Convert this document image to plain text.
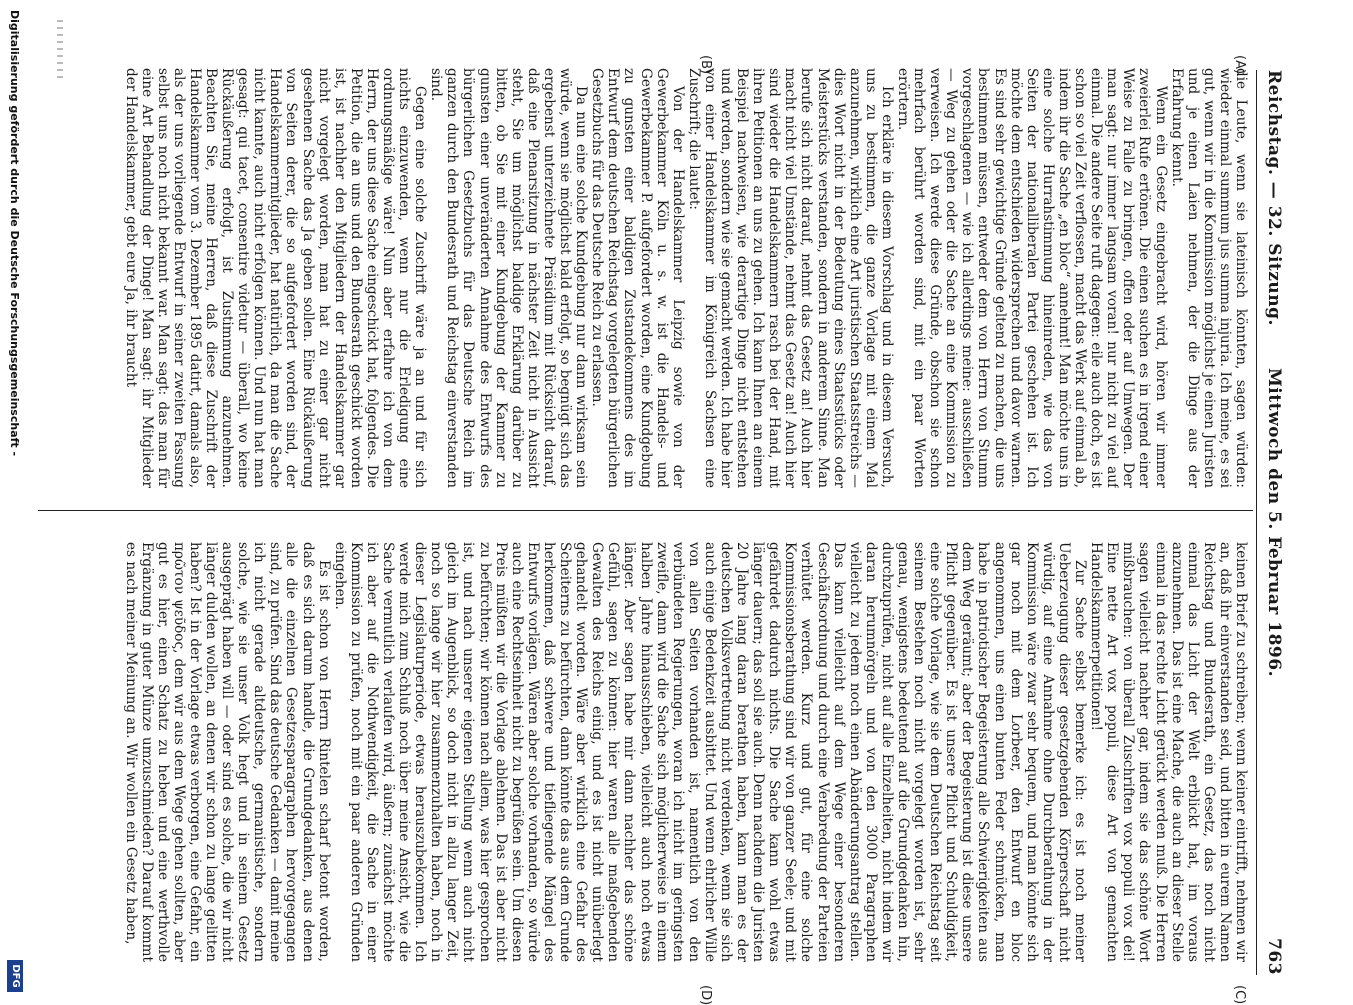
Reichstag. — 32. Sitzung.
Mittwoch den 5. Februar 1896.
763
(A)
(B)
(C)
(D)

die Leute, wenn sie lateinisch könnten, sagen würden: wieder einmal summum jus summa injuria. Ich meine, es sei gut, wenn wir in die Kommission möglichst je einen Juristen und je einen Laien nehmen, der die Dinge aus der Erfahrung kennt.

Wenn ein Gesetz eingebracht wird, hören wir immer zweierlei Rufe ertönen. Die einen suchen es in irgend einer Weise zu Falle zu bringen, offen oder auf Umwegen. Der man sagt: nur immer langsam voran! nur nicht zu viel auf einmal. Die andere Seite ruft dagegen: eile auch doch, es ist schon so viel Zeit verflossen, macht das Werk auf einmal ab, indem ihr die Sache „en bloc“ annehmt! Man möchte uns in eine solche Hurrahstimmung hineinreden, wie das von Seiten der nationalliberalen Partei geschehen ist. Ich möchte dem entschieden widersprechen und davor warnen. Es sind sehr gewichtige Gründe geltend zu machen, die uns bestimmen müssen, entweder dem von Herrn von Stumm vorgeschlagenen — wie ich allerdings meine: ausschließen — Weg zu gehen oder die Sache an eine Kommission zu verweisen. Ich werde diese Gründe, obschon sie schon mehrfach berührt worden sind, mit ein paar Worten erörtern.

Ich erkläre in diesem Vorschlag und in diesem Versuch, uns zu bestimmen, die ganze Vorlage mit einem Mal anzunehmen, wirklich eine Art juristischen Staatsstreichs — dies Wort nicht in der Bedeutung eines Staatsstücks oder Meisterstücks verstanden, sondern in anderem Sinne. Man berufe sich nicht darauf, nehmt das Gesetz an! Auch hier macht nicht viel Umstände, nehmt das Gesetz an! Auch hier sind wieder die Handelskammern rasch bei der Hand, mit ihren Petitionen an uns zu gehen. Ich kann Ihnen an einem Beispiel nachweisen, wie derartige Dinge nicht entstehen und werden, sondern wie sie gemacht werden. Ich habe hier von einer Handelskammer im Königreich Sachsen eine Zuschrift; die lautet:

Von der Handelskammer Leipzig sowie von der Gewerbekammer Köln u. s. w. ist die Handels- und Gewerbekammer P. aufgefordert worden, eine Kundgebung zu gunsten einer baldigen Zustandekommens des im Entwurf dem deutschen Reichstag vorgelegten bürgerlichen Gesetzbuchs für das Deutsche Reich zu erlassen.

Da nun eine solche Kundgebung nur dann wirksam sein würde, wenn sie möglichst bald erfolgt, so begnügt sich das ergebenst unterzeichnete Präsidium mit Rücksicht darauf, daß eine Plenarsitzung in nächster Zeit nicht in Aussicht steht, Sie um möglichst baldige Erklärung darüber zu bitten, ob Sie mit einer Kundgebung der Kammer zu gunsten einer unveränderten Annahme des Entwurfs des bürgerlichen Gesetzbuchs für das Deutsche Reich im ganzen durch den Bundesrath und Reichstag einverstanden sind.

Gegen eine solche Zuschrift wäre ja an und für sich nichts einzuwenden, wenn nur die Erledigung eine ordnungsmäßige wäre! Nun aber erfahre ich von dem Herrn, der uns diese Sache eingeschickt hat, folgendes. Die Petition, die an uns und den Bundesrath geschickt worden ist, ist nachher den Mitgliedern der Handelskammer gar nicht vorgelegt worden, man hat zu einer gar nicht gesehenen Sache das Ja geben sollen. Eine Rückäußerung von Seiten derer, die so aufgefordert worden sind, der Handelskammermitglieder, hat natürlich, da man die Sache nicht kannte, auch nicht erfolgen können. Und nun hat man gesagt: qui tacet, consentire videtur — überall, wo keine Rückäußerung erfolgt, ist Zustimmung anzunehmen. Beachten Sie, meine Herren, daß diese Zuschrift der Handelskammer vom 3. Dezember 1895 datirt, damals also, als der uns vorliegende Entwurf in seiner zweiten Fassung selbst uns noch nicht bekannt war. Man sagt: das man für eine Art Behandlung der Dinge! Man sagt: ihr Mitglieder der Handelskammer, gebt eure Ja, ihr braucht

keinen Brief zu schreiben; wenn keiner eintrifft, nehmen wir an, daß ihr einverstanden seid, und bitten in eurem Namen Reichstag und Bundesrath, ein Gesetz, das noch nicht einmal das Licht der Welt erblickt hat, im voraus anzunehmen. Das ist eine Mache, die auch an dieser Stelle einmal in das rechte Licht gerückt werden muß. Die Herren sagen vielleicht nachher gar, indem sie das schöne Wort mißbrauchen: von überall Zuschriften vox populi vox dei! Eine nette Art vox populi, diese Art von gemachten Handelskammerpetitionen!

Zur Sache selbst bemerke ich: es ist noch meiner Ueberzeugung dieser gesetzgebenden Körperschaft nicht würdig, auf eine Annahme ohne Durchberathung in der Kommission wäre zwar sehr bequem, und man könnte sich gar noch mit dem Lorbeer, den Entwurf en bloc angenommen, uns einen bunten Feder schmücken, man habe in patriotischer Begeisterung alle Schwierigkeiten aus dem Weg geräumt; aber der Begeisterung ist diese unsere Pflicht gegenüber. Es ist unsere Pflicht und Schuldigkeit, eine solche Vorlage, wie sie dem Deutschen Reichstag seit seinem Bestehen noch nicht vorgelegt worden ist, sehr genau, wenigstens bedeutend auf die Grundgedanken hin, durchzuprüfen, nicht auf alle Einzelheiten, nicht indem wir daran herumnörgeln und von den 3000 Paragraphen vielleicht zu jedem noch einen Abänderungsantrag stellen. Das kann vielleicht auf dem Wege einer besonderen Geschäftsordnung und durch eine Verabredung der Parteien verhütet werden. Kurz und gut, für eine solche Kommissionsberathung sind wir von ganzer Seele; und mit gefährdet dadurch nichts. Die Sache kann wohl etwas länger dauern; das soll sie auch. Denn nachdem die Juristen 20 Jahre lang daran berathen haben, kann man es der deutschen Volksvertretung nicht verdenken, wenn sie sich auch einige Bedenkzeit ausbittet. Und wenn ehrlicher Wille von allen Seiten vorhanden ist, namentlich von den verbündeten Regierungen, woran ich nicht im geringsten zweifle, dann wird die Sache sich möglicherweise in einem halben Jahre hinausschieben, vielleicht auch noch etwas länger. Aber sagen habe mir dann nachher das schöne Gefühl, sagen zu können: hier waren alle maßgebenden Gewalten des Reichs einig, und es ist nicht unüberlegt gehandelt worden. Wäre aber wirklich eine Gefahr des Scheiterns zu befürchten, dann könnte das aus dem Grunde herkommen, daß schwere und tiefliegende Mängel des Entwurfs vorlägen. Wären aber solche vorhanden, so würde auch eine Rechtseinheit nicht zu begrüßen sein. Um diesen Preis müßten wir die Vorlage ablehnen. Das ist aber nicht zu befürchten; wir können nach allem, was hier gesprochen ist, und nach unserer eigenen Stellung wenn auch nicht gleich im Augenblick, so doch nicht in allzu langer Zeit, noch so lange wir hier zusammenzuhalten haben, noch in dieser Legislaturperiode, etwas herauszubekommen. Ich werde mich zum Schluß noch über meine Ansicht, wie die Sache vermutlich verlaufen wird, äußern; zunächst möchte ich aber auf die Nothwendigkeit, die Sache in einer Kommission zu prüfen, noch mit ein paar anderen Gründen eingehen.

Es ist schon von Herrn Rintelen scharf betont worden, daß es sich darum handle, die Grundgedanken, aus denen alle die einzelnen Gesetzesparagraphen hervorgegangen sind, zu prüfen. Sind das deutsche Gedanken — damit meine ich nicht gerade altdeutsche, germanistische, sondern solche, wie sie unser Volk hegt und in seinem Gesetz ausgeprägt haben will — oder sind es solche, die wir nicht länger dulden wollen, an denen wir schon zu lange gelitten haben? Ist in der Vorlage etwas verborgen, eine Gefahr, ein πρῶτον ψεῦδος, dem wir aus dem Wege gehen sollten, aber gut es hier, einen Schatz zu heben und eine werthvolle Ergänzung in guter Münze umzuschmieden? Darauf kommt es nach meiner Meinung an. Wir wollen ein Gesetz haben,

Digitalisierung gefördert durch die Deutsche Forschungsgemeinschaft -
DFG
